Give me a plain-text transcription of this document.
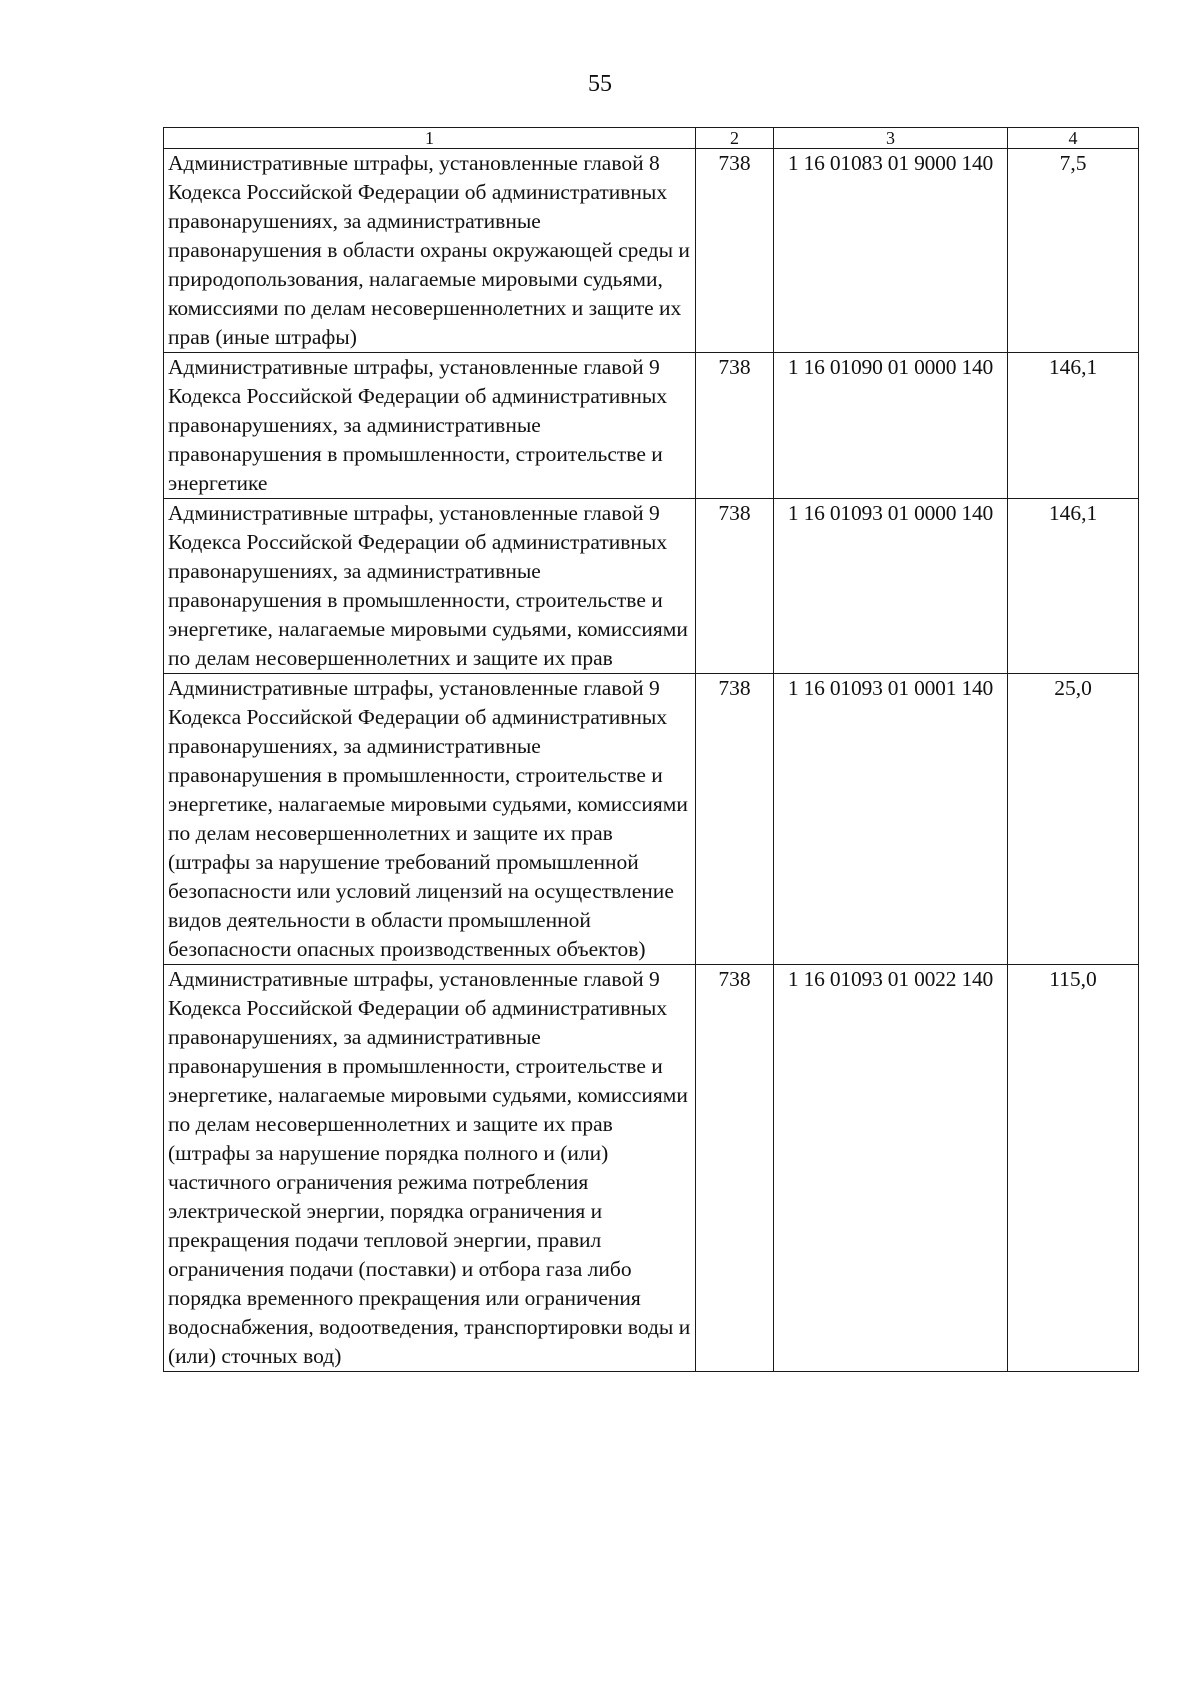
55
1	2	3	4
Административные штрафы, установленные главой 8 Кодекса Российской Федерации об административных правонарушениях, за административные правонарушения в области охраны окружающей среды и природопользования, налагаемые мировыми судьями, комиссиями по делам несовершеннолетних и защите их прав (иные штрафы)	738	1 16 01083 01 9000 140	7,5
Административные штрафы, установленные главой 9 Кодекса Российской Федерации об административных правонарушениях, за административные правонарушения в промышленности, строительстве и энергетике	738	1 16 01090 01 0000 140	146,1
Административные штрафы, установленные главой 9 Кодекса Российской Федерации об административных правонарушениях, за административные правонарушения в промышленности, строительстве и энергетике, налагаемые мировыми судьями, комиссиями по делам несовершеннолетних и защите их прав	738	1 16 01093 01 0000 140	146,1
Административные штрафы, установленные главой 9 Кодекса Российской Федерации об административных правонарушениях, за административные правонарушения в промышленности, строительстве и энергетике, налагаемые мировыми судьями, комиссиями по делам несовершеннолетних и защите их прав (штрафы за нарушение требований промышленной безопасности или условий лицензий на осуществление видов деятельности в области промышленной безопасности опасных производственных объектов)	738	1 16 01093 01 0001 140	25,0
Административные штрафы, установленные главой 9 Кодекса Российской Федерации об административных правонарушениях, за административные правонарушения в промышленности, строительстве и энергетике, налагаемые мировыми судьями, комиссиями по делам несовершеннолетних и защите их прав (штрафы за нарушение порядка полного и (или) частичного ограничения режима потребления электрической энергии, порядка ограничения и прекращения подачи тепловой энергии, правил ограничения подачи (поставки) и отбора газа либо порядка временного прекращения или ограничения водоснабжения, водоотведения, транспортировки воды и (или) сточных вод)	738	1 16 01093 01 0022 140	115,0
